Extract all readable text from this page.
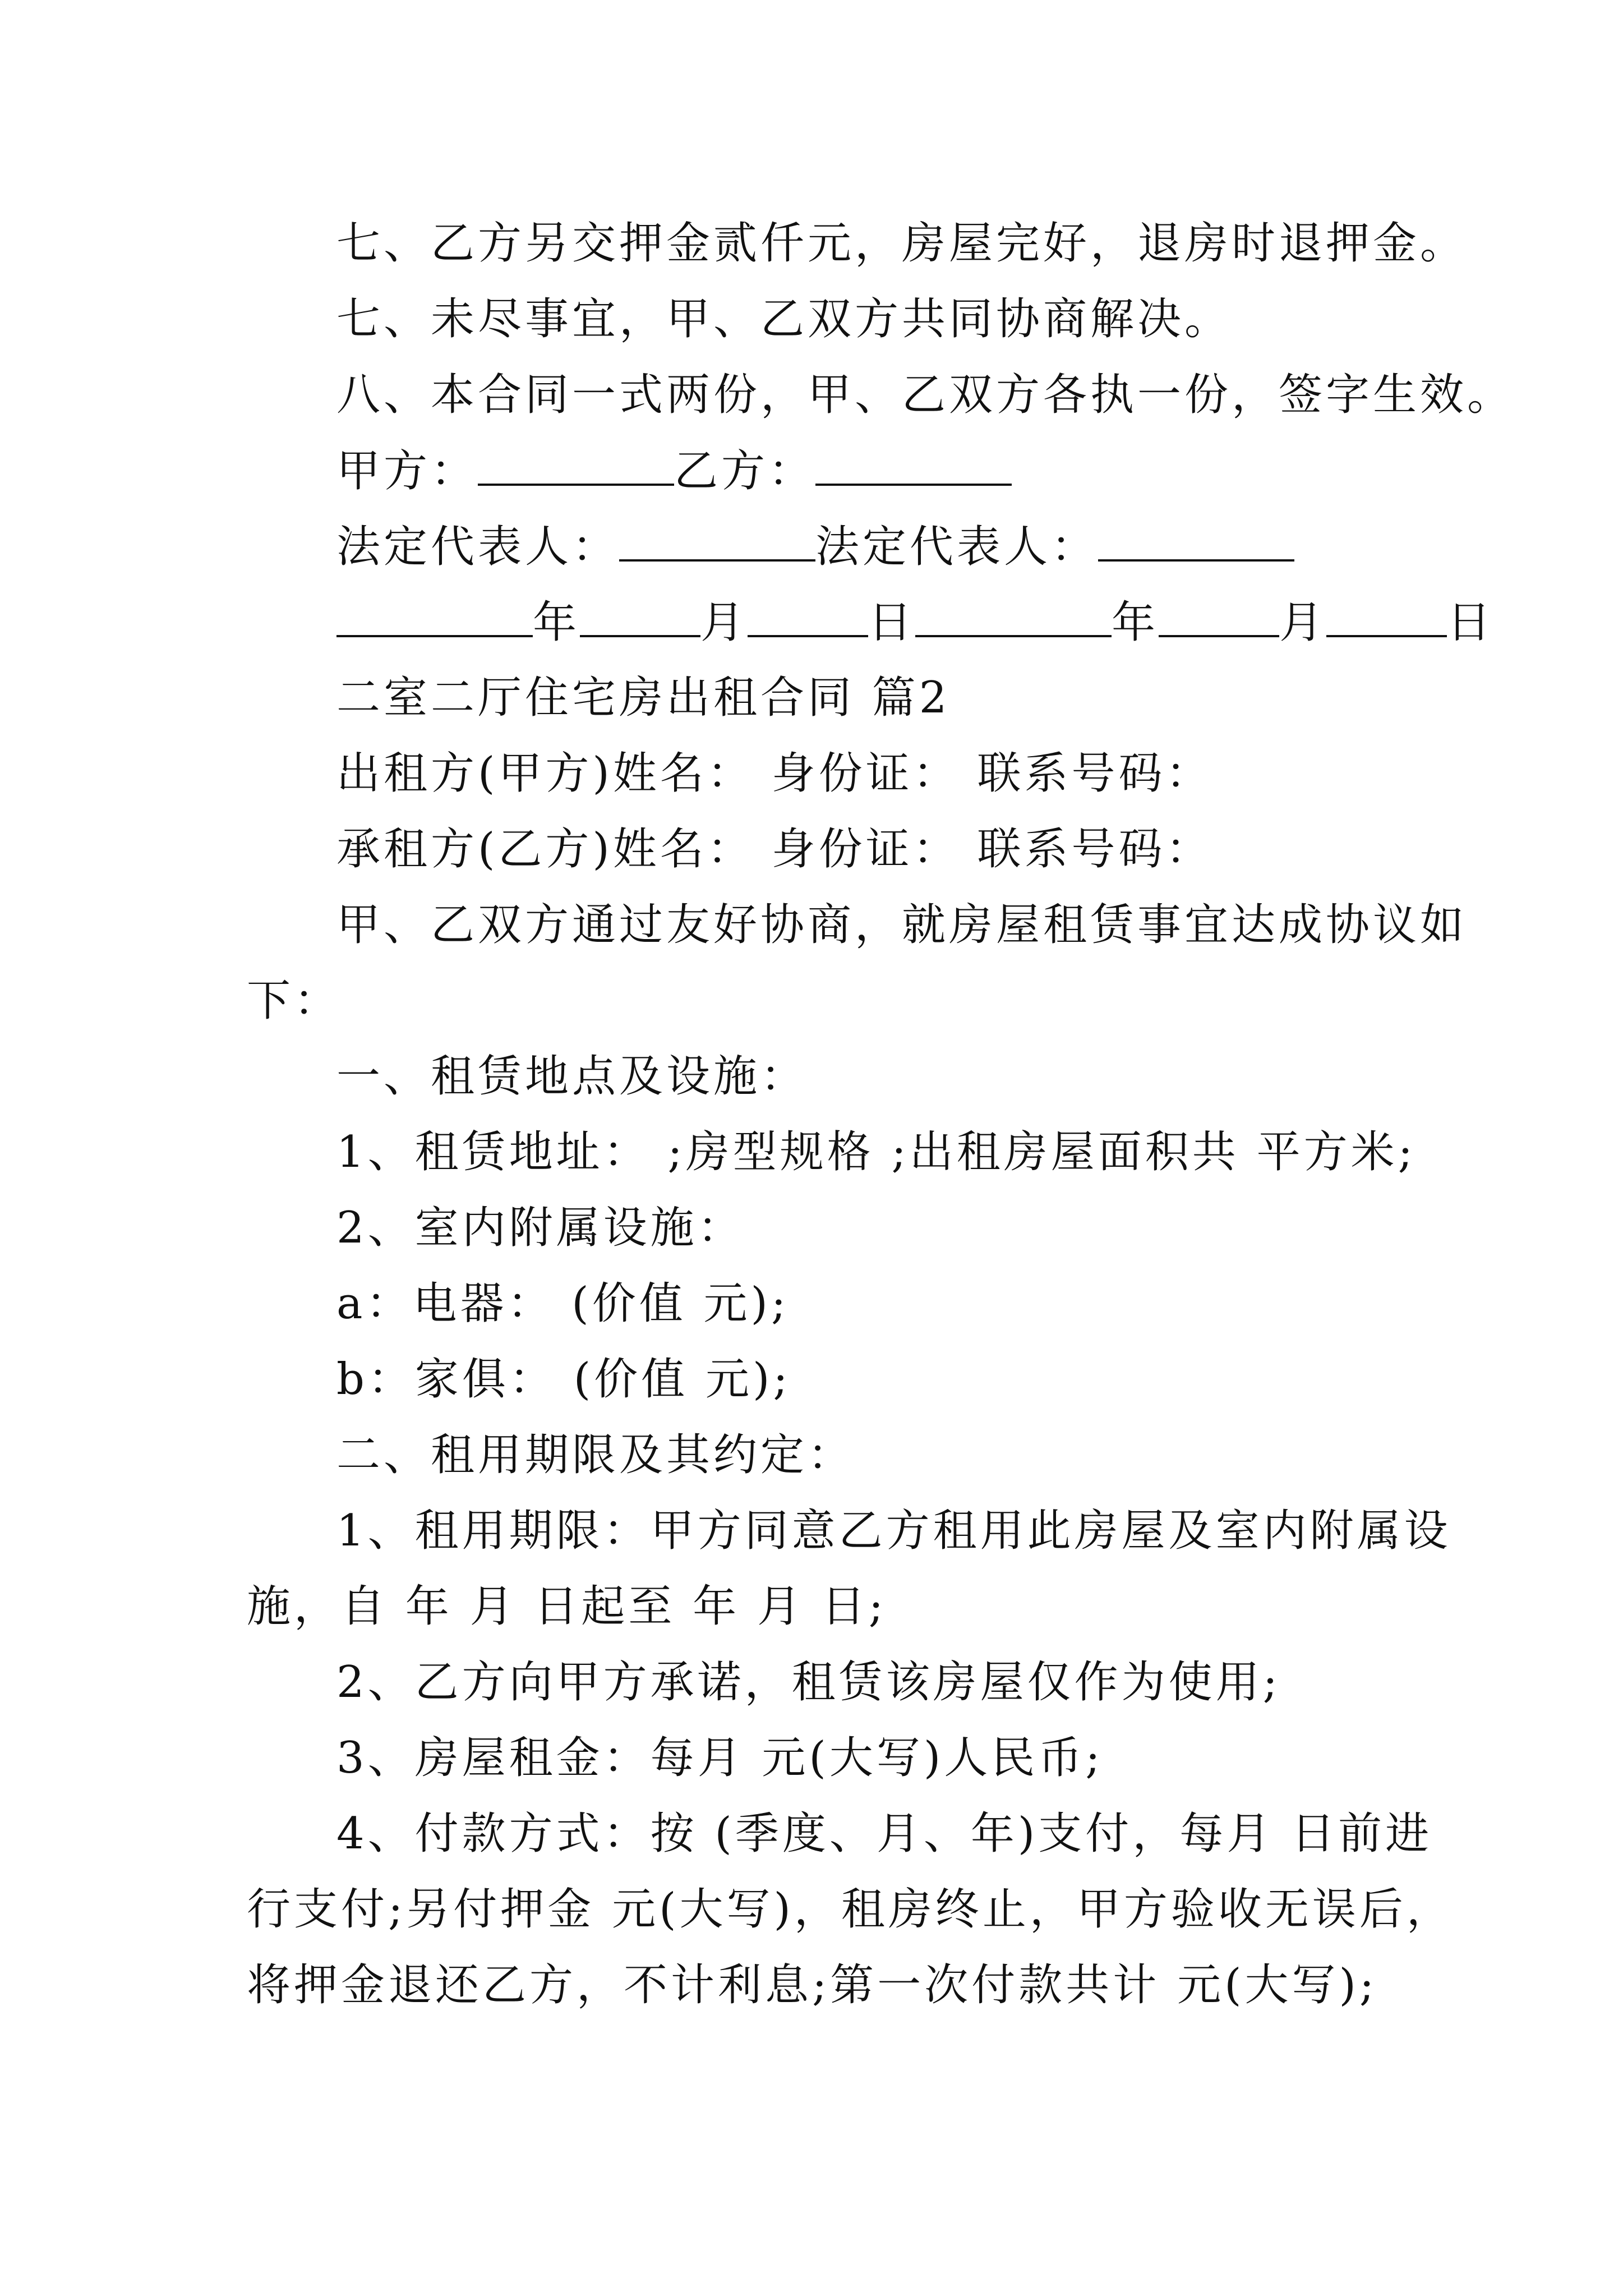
七、乙方另交押金贰仟元，房屋完好，退房时退押金。
七、未尽事宜，甲、乙双方共同协商解决。
八、本合同一式两份，甲、乙双方各执一份，签字生效。
甲方：	乙方：
法定代表人：	法定代表人：
年	月	日	年	月	日
二室二厅住宅房出租合同 篇2
出租方(甲方)姓名： 身份证： 联系号码：
承租方(乙方)姓名： 身份证： 联系号码：
甲、乙双方通过友好协商，就房屋租赁事宜达成协议如
下：
一、租赁地点及设施：
1、租赁地址： ;房型规格 ;出租房屋面积共 平方米;
2、室内附属设施：
a：电器： (价值 元);
b：家俱： (价值 元);
二、租用期限及其约定：
1、租用期限：甲方同意乙方租用此房屋及室内附属设
施，自 年 月 日起至 年 月 日;
2、乙方向甲方承诺，租赁该房屋仅作为使用;
3、房屋租金：每月 元(大写)人民币;
4、付款方式：按 (季度、月、年)支付，每月 日前进
行支付;另付押金 元(大写)，租房终止，甲方验收无误后，
将押金退还乙方，不计利息;第一次付款共计 元(大写);
